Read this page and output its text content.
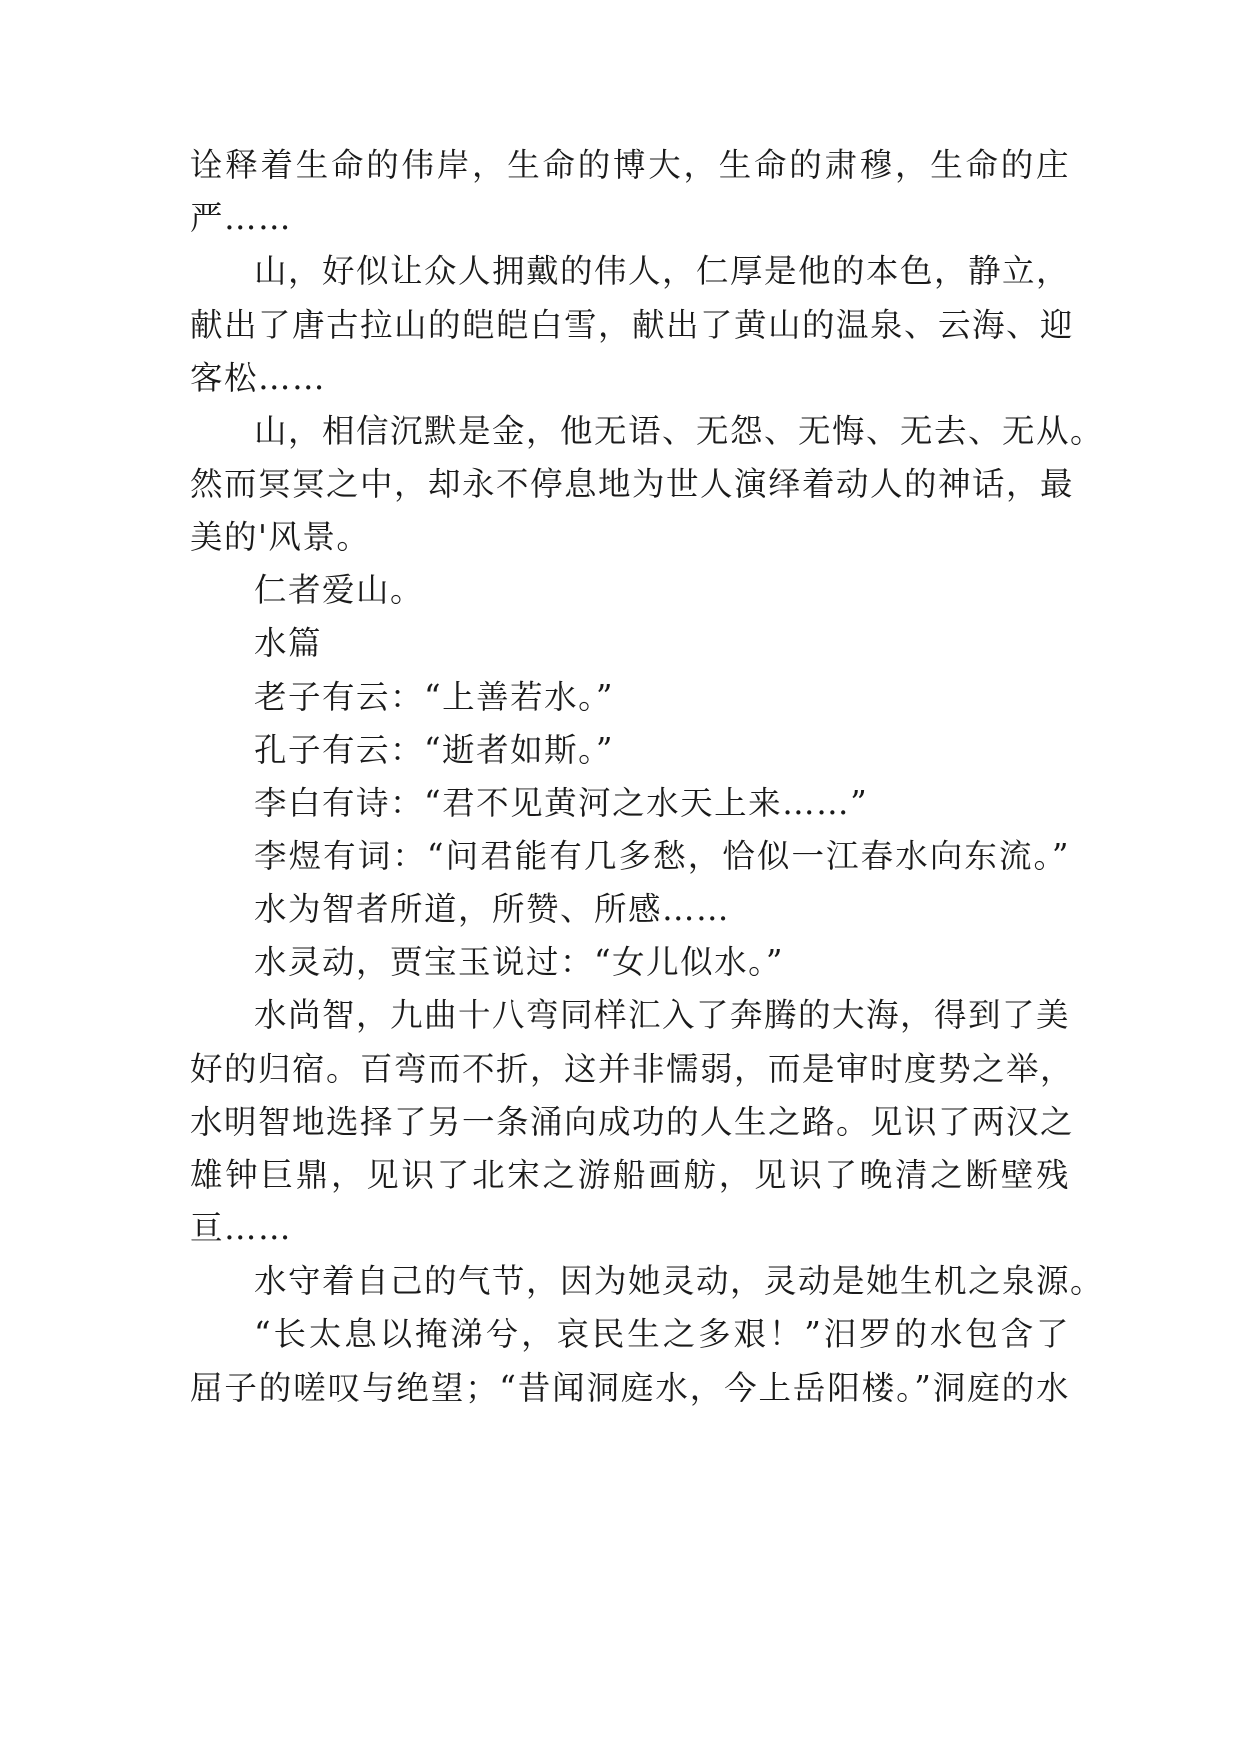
诠释着生命的伟岸，生命的博大，生命的肃穆，生命的庄
严……
山，好似让众人拥戴的伟人，仁厚是他的本色，静立，
献出了唐古拉山的皑皑白雪，献出了黄山的温泉、云海、迎
客松……
山，相信沉默是金，他无语、无怨、无悔、无去、无从。
然而冥冥之中，却永不停息地为世人演绎着动人的神话，最
美的'风景。
仁者爱山。
水篇
老子有云：“上善若水。”
孔子有云：“逝者如斯。”
李白有诗：“君不见黄河之水天上来……”
李煜有词：“问君能有几多愁，恰似一江春水向东流。”
水为智者所道，所赞、所感……
水灵动，贾宝玉说过：“女儿似水。”
水尚智，九曲十八弯同样汇入了奔腾的大海，得到了美
好的归宿。百弯而不折，这并非懦弱，而是审时度势之举，
水明智地选择了另一条涌向成功的人生之路。见识了两汉之
雄钟巨鼎，见识了北宋之游船画舫，见识了晚清之断壁残
亘……
水守着自己的气节，因为她灵动，灵动是她生机之泉源。
“长太息以掩涕兮，哀民生之多艰！”汨罗的水包含了
屈子的嗟叹与绝望；“昔闻洞庭水，今上岳阳楼。”洞庭的水
